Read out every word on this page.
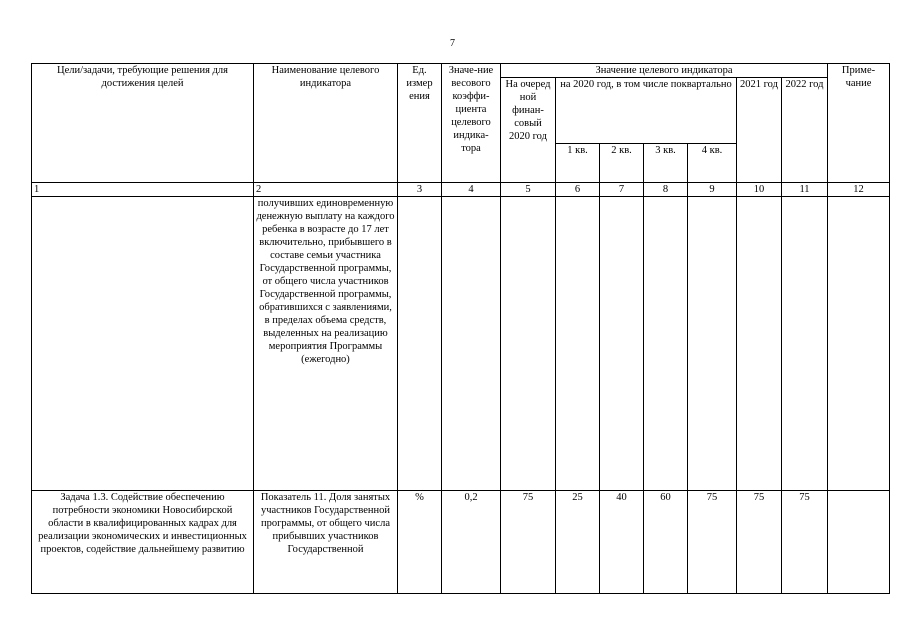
7
Цели/задачи, требующие решения для достижения целей	Наименование целевого индикатора	Ед. измер ения	Значе-ние весового коэффи-циента целевого индика-тора	Значение целевого индикатора							Приме-чание
				На очеред ной финан-совый 2020 год	на 2020 год, в том числе поквартально				2021 год	2022 год	
					1 кв.	2 кв.	3 кв.	4 кв.			
1	2	3	4	5	6	7	8	9	10	11	12
	получивших единовременную денежную выплату на каждого ребенка в возрасте до 17 лет включительно, прибывшего в составе семьи участника Государственной программы, от общего числа участников Государственной программы, обратившихся с заявлениями, в пределах объема средств, выделенных на реализацию мероприятия Программы (ежегодно)										
Задача 1.3. Содействие обеспечению потребности экономики Новосибирской области в квалифицированных кадрах для реализации экономических и инвестиционных проектов, содействие дальнейшему развитию	Показатель 11. Доля занятых участников Государственной программы, от общего числа прибывших участников Государственной	%	0,2	75	25	40	60	75	75	75	
